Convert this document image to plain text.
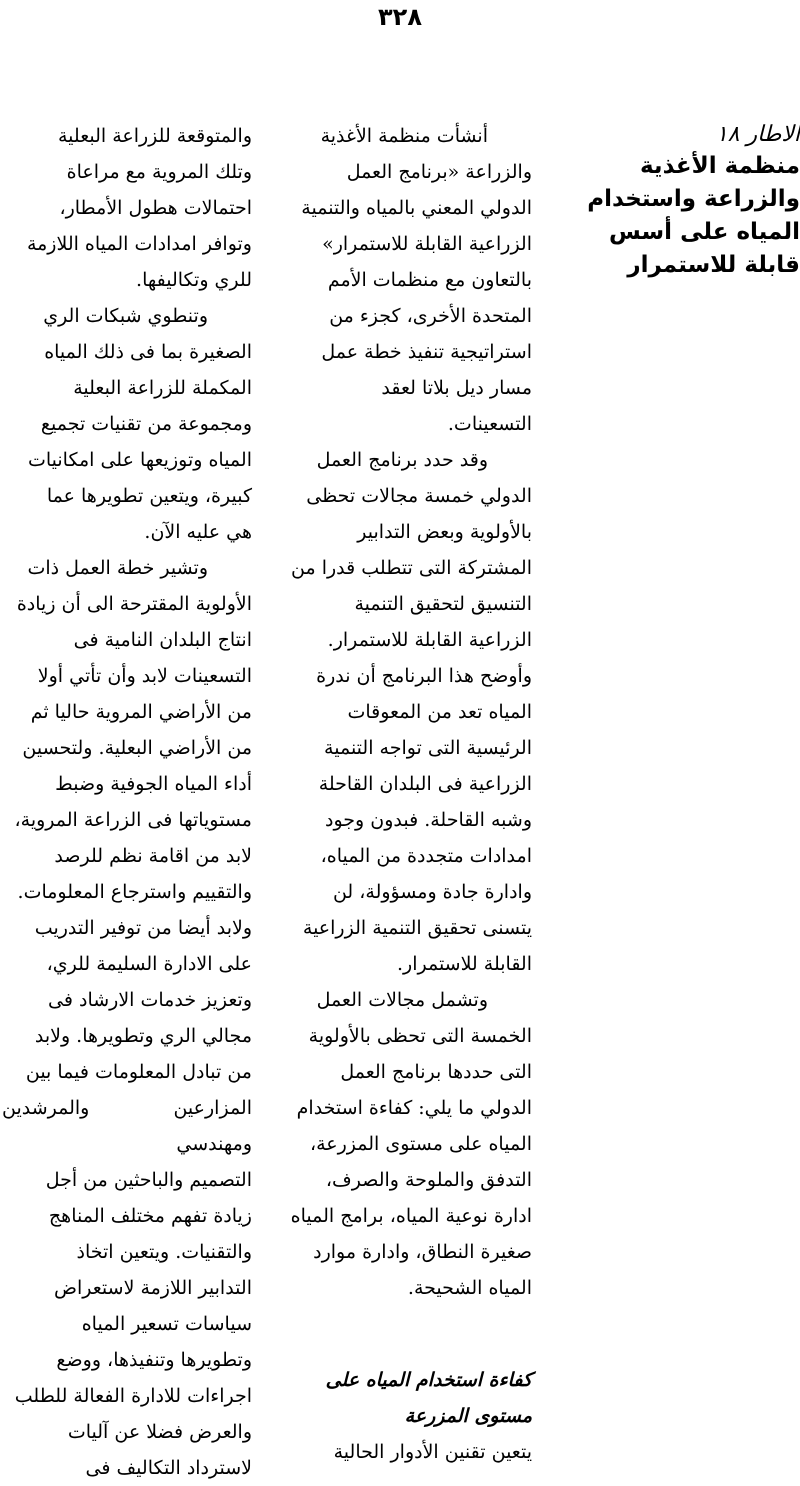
٣٢٨
الاطار ١٨
منظمة الأغذية والزراعة واستخدام المياه على أسس قابلة للاستمرار

أنشأت منظمة الأغذية
والزراعة «برنامج العمل
الدولي المعني بالمياه والتنمية
الزراعية القابلة للاستمرار»
بالتعاون مع منظمات الأمم
المتحدة الأخرى، كجزء من
استراتيجية تنفيذ خطة عمل
مسار ديل بلاتا لعقد
التسعينات.

وقد حدد برنامج العمل
الدولي خمسة مجالات تحظى
بالأولوية وبعض التدابير
المشتركة التى تتطلب قدرا من
التنسيق لتحقيق التنمية
الزراعية القابلة للاستمرار.
وأوضح هذا البرنامج أن ندرة
المياه تعد من المعوقات
الرئيسية التى تواجه التنمية
الزراعية فى البلدان القاحلة
وشبه القاحلة. فبدون وجود
امدادات متجددة من المياه،
وادارة جادة ومسؤولة، لن
يتسنى تحقيق التنمية الزراعية
القابلة للاستمرار.

وتشمل مجالات العمل
الخمسة التى تحظى بالأولوية
التى حددها برنامج العمل
الدولي ما يلي: كفاءة استخدام
المياه على مستوى المزرعة،
التدفق والملوحة والصرف،
ادارة نوعية المياه، برامج المياه
صغيرة النطاق، وادارة موارد
المياه الشحيحة.

كفاءة استخدام المياه على
مستوى المزرعة

يتعين تقنين الأدوار الحالية

والمتوقعة للزراعة البعلية
وتلك المروية مع مراعاة
احتمالات هطول الأمطار،
وتوافر امدادات المياه اللازمة
للري وتكاليفها.

وتنطوي شبكات الري
الصغيرة بما فى ذلك المياه
المكملة للزراعة البعلية
ومجموعة من تقنيات تجميع
المياه وتوزيعها على امكانيات
كبيرة، ويتعين تطويرها عما
هي عليه الآن.

وتشير خطة العمل ذات
الأولوية المقترحة الى أن زيادة
انتاج البلدان النامية فى
التسعينات لابد وأن تأتي أولا
من الأراضي المروية حاليا ثم
من الأراضي البعلية. ولتحسين
أداء المياه الجوفية وضبط
مستوياتها فى الزراعة المروية،
لابد من اقامة نظم للرصد
والتقييم واسترجاع المعلومات.
ولابد أيضا من توفير التدريب
على الادارة السليمة للري،
وتعزيز خدمات الارشاد فى
مجالي الري وتطويرها. ولابد
من تبادل المعلومات فيما بين
المزارعين والمرشدين ومهندسي
التصميم والباحثين من أجل
زيادة تفهم مختلف المناهج
والتقنيات. ويتعين اتخاذ
التدابير اللازمة لاستعراض
سياسات تسعير المياه
وتطويرها وتنفيذها، ووضع
اجراءات للادارة الفعالة للطلب
والعرض فضلا عن آليات
لاسترداد التكاليف فى
